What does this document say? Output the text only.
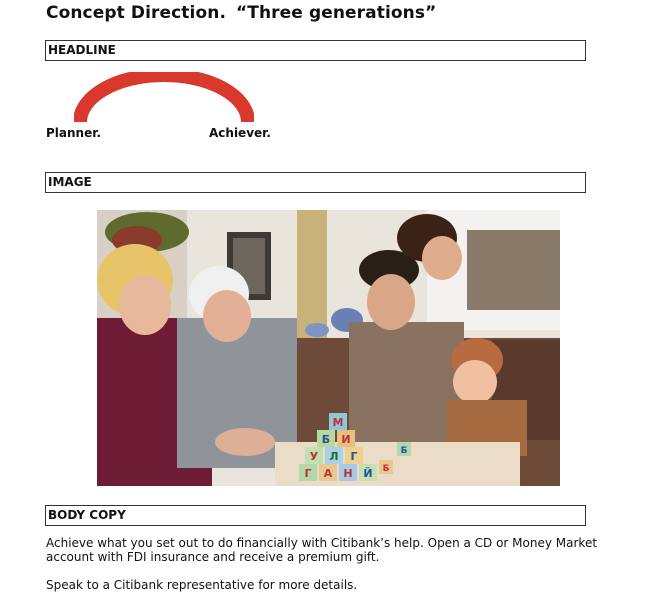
Concept Direction. “Three generations”
HEADLINE
Planner.	Achiever.
IMAGE
М
Б И
У Л Г
Г А Н Й Б
Б
BODY COPY
Achieve what you set out to do financially with Citibank’s help. Open a CD or Money Market
account with FDI insurance and receive a premium gift.
Speak to a Citibank representative for more details.
